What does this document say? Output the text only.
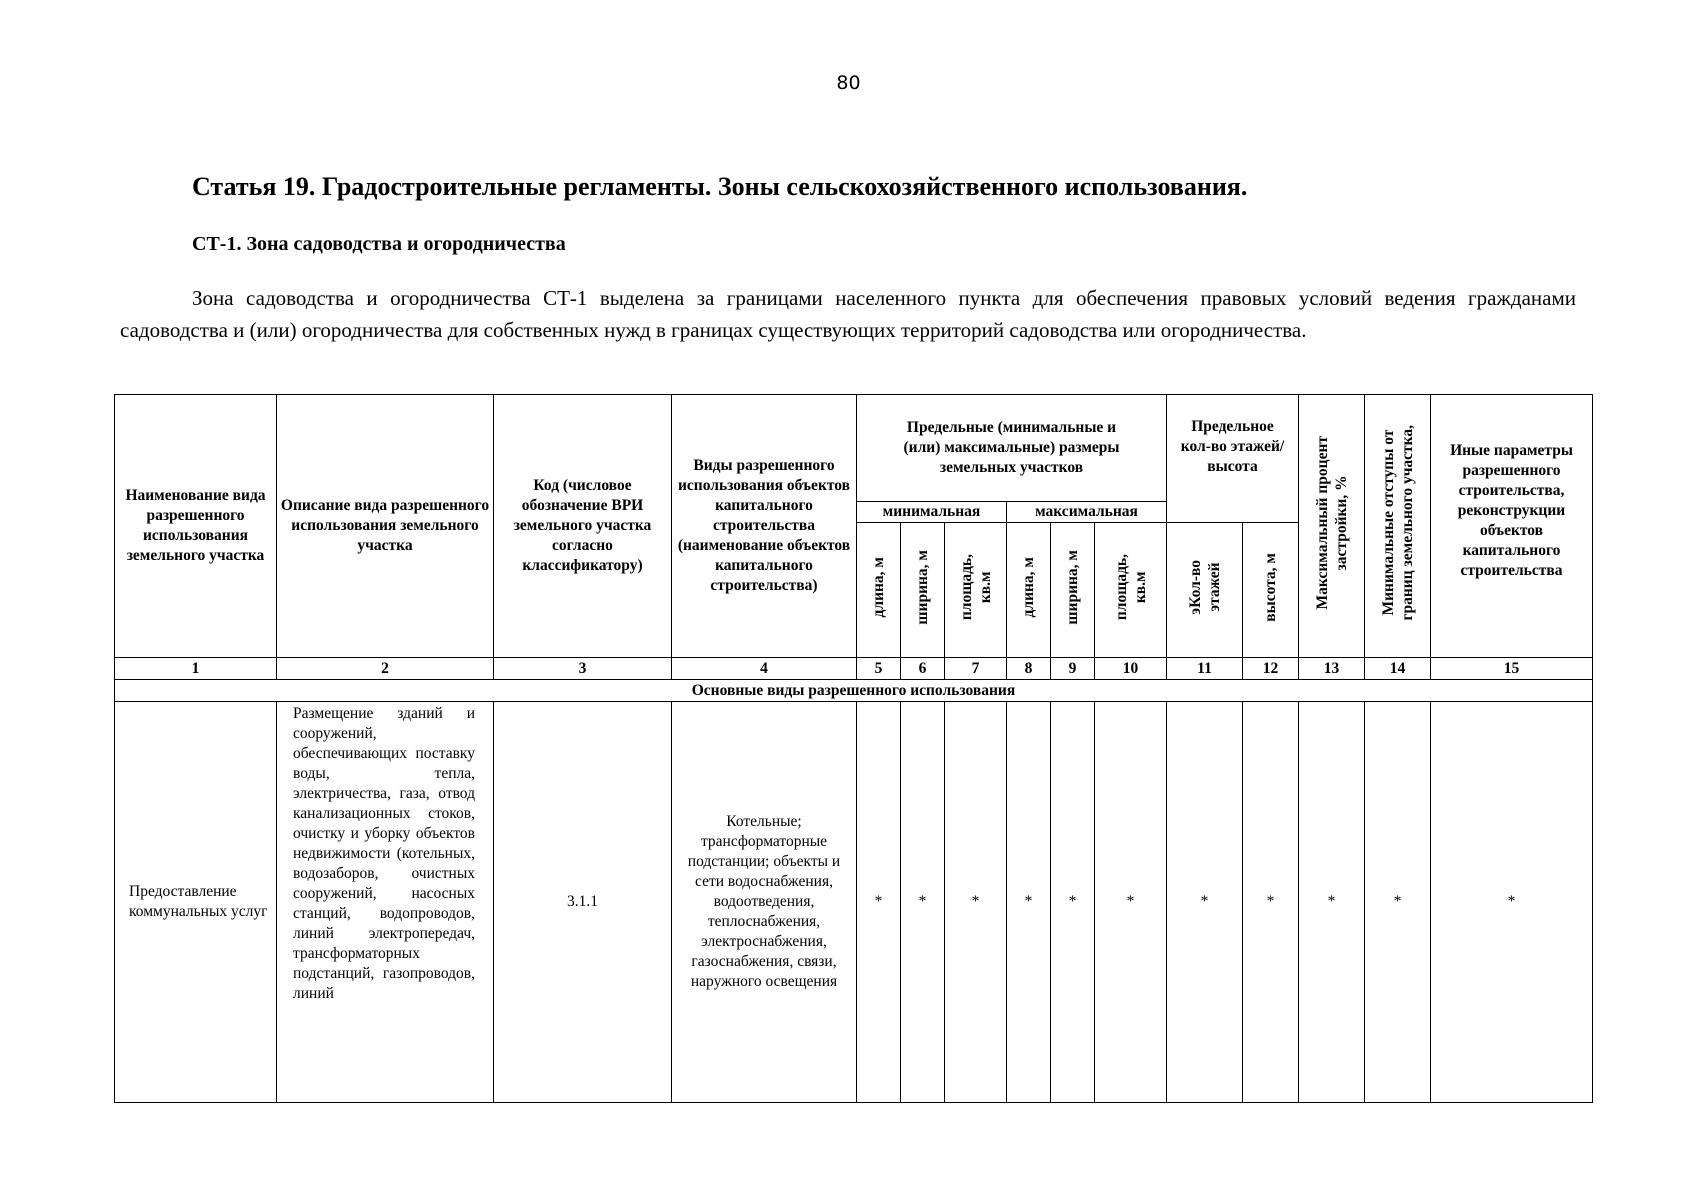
80
Статья 19. Градостроительные регламенты. Зоны сельскохозяйственного использования.
СТ-1. Зона садоводства и огородничества

Зона садоводства и огородничества СТ-1 выделена за границами населенного пункта для обеспечения правовых условий ведения гражданами садоводства и (или) огородничества для собственных нужд в границах существующих территорий садоводства или огородничества.

Наименование вида разрешенного использования земельного участка	Описание вида разрешенного использования земельного участка	Код (числовое обозначение ВРИ земельного участка согласно классификатору)	Виды разрешенного использования объектов капитального строительства (наименование объектов капитального строительства)	Предельные (минимальные и (или) максимальные) размеры земельных участков						Предельное кол-во этажей/ высота		Максимальный процент застройки, %	Минимальные отступы от границ земельного участка,	Иные параметры разрешенного строительства, реконструкции объектов капитального строительства
				минимальная			максимальная							
				длина, м	ширина, м	площадь, кв.м	длина, м	ширина, м	площадь, кв.м	эКол-во этажей	высота, м			
1	2	3	4	5	6	7	8	9	10	11	12	13	14	15
Основные виды разрешенного использования														
Предоставление коммунальных услуг	Размещение зданий и сооружений, обеспечивающих поставку воды, тепла, электричества, газа, отвод канализационных стоков, очистку и уборку объектов недвижимости (котельных, водозаборов, очистных сооружений, насосных станций, водопроводов, линий электропередач, трансформаторных подстанций, газопроводов, линий	3.1.1	Котельные; трансформаторные подстанции; объекты и сети водоснабжения, водоотведения, теплоснабжения, электроснабжения, газоснабжения, связи, наружного освещения	*	*	*	*	*	*	*	*	*	*	*
